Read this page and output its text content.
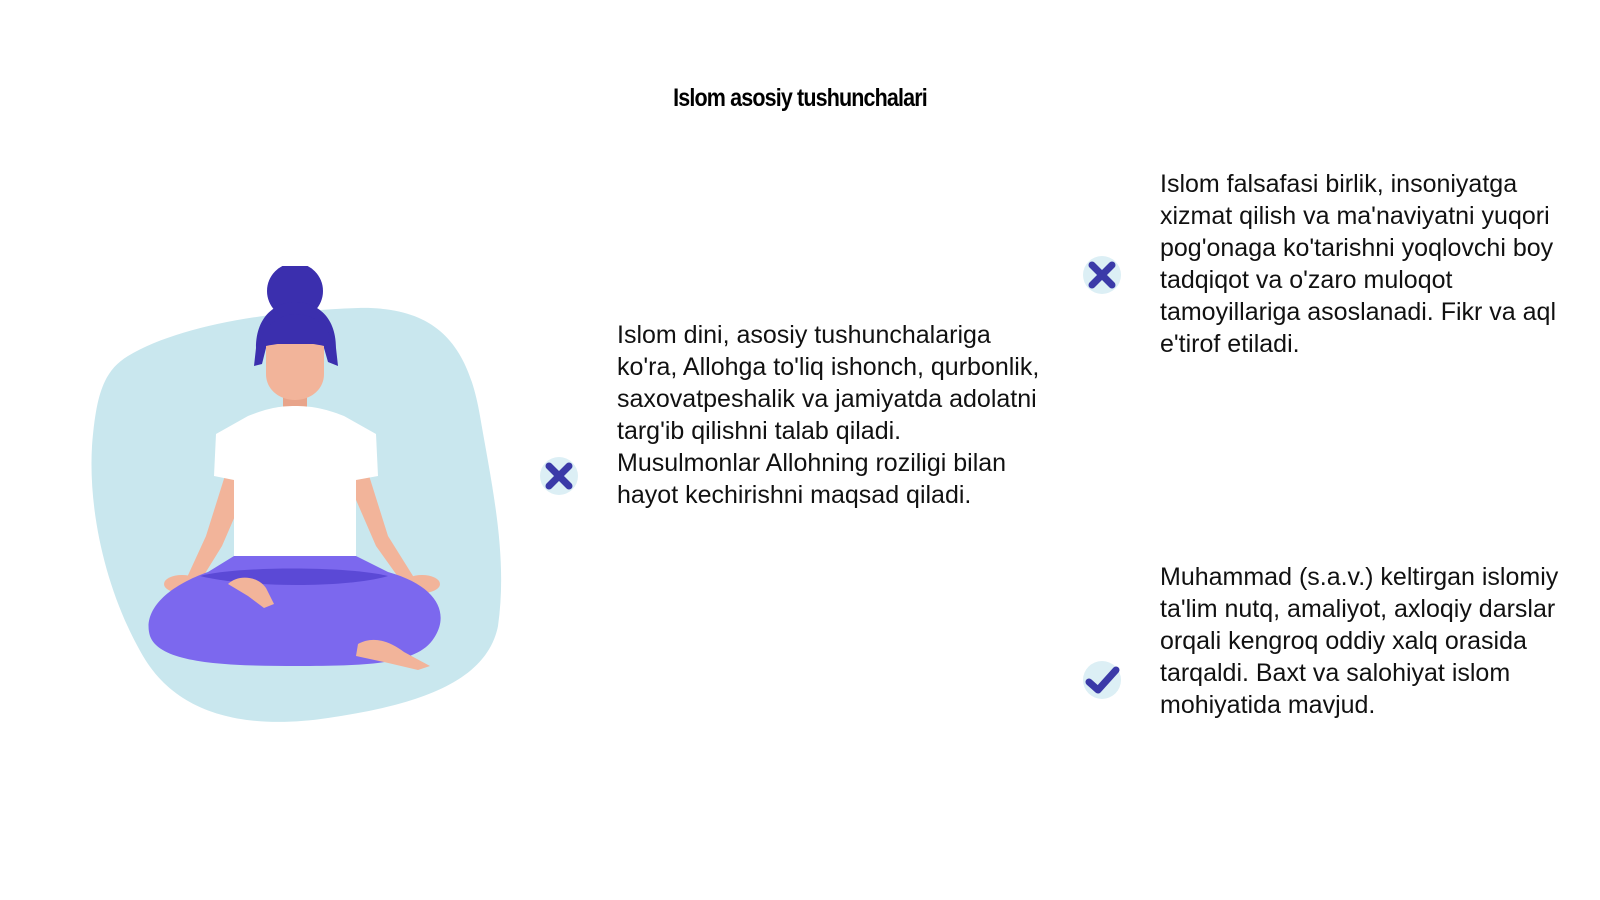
Islom asosiy tushunchalari

Islom dini, asosiy tushunchalariga ko'ra, Allohga to'liq ishonch, qurbonlik, saxovatpeshalik va jamiyatda adolatni targ'ib qilishni talab qiladi. Musulmonlar Allohning roziligi bilan hayot kechirishni maqsad qiladi.

Islom falsafasi birlik, insoniyatga xizmat qilish va ma'naviyatni yuqori pog'onaga ko'tarishni yoqlovchi boy tadqiqot va o'zaro muloqot tamoyillariga asoslanadi. Fikr va aql e'tirof etiladi.

Muhammad (s.a.v.) keltirgan islomiy ta'lim nutq, amaliyot, axloqiy darslar orqali kengroq oddiy xalq orasida tarqaldi. Baxt va salohiyat islom mohiyatida mavjud.
